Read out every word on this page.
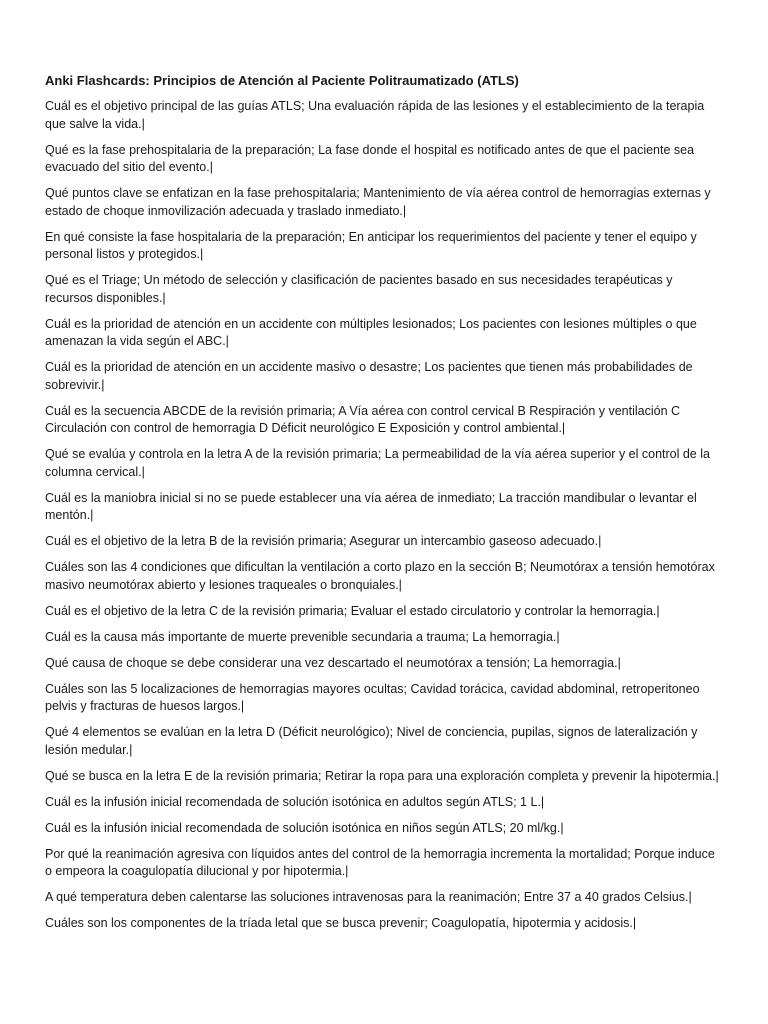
Anki Flashcards: Principios de Atención al Paciente Politraumatizado (ATLS)

Cuál es el objetivo principal de las guías ATLS; Una evaluación rápida de las lesiones y el establecimiento de la terapia que salve la vida.|

Qué es la fase prehospitalaria de la preparación; La fase donde el hospital es notificado antes de que el paciente sea evacuado del sitio del evento.|

Qué puntos clave se enfatizan en la fase prehospitalaria; Mantenimiento de vía aérea control de hemorragias externas y estado de choque inmovilización adecuada y traslado inmediato.|

En qué consiste la fase hospitalaria de la preparación; En anticipar los requerimientos del paciente y tener el equipo y personal listos y protegidos.|

Qué es el Triage; Un método de selección y clasificación de pacientes basado en sus necesidades terapéuticas y recursos disponibles.|

Cuál es la prioridad de atención en un accidente con múltiples lesionados; Los pacientes con lesiones múltiples o que amenazan la vida según el ABC.|

Cuál es la prioridad de atención en un accidente masivo o desastre; Los pacientes que tienen más probabilidades de sobrevivir.|

Cuál es la secuencia ABCDE de la revisión primaria; A Vía aérea con control cervical B Respiración y ventilación C Circulación con control de hemorragia D Déficit neurológico E Exposición y control ambiental.|

Qué se evalúa y controla en la letra A de la revisión primaria; La permeabilidad de la vía aérea superior y el control de la columna cervical.|

Cuál es la maniobra inicial si no se puede establecer una vía aérea de inmediato; La tracción mandibular o levantar el mentón.|

Cuál es el objetivo de la letra B de la revisión primaria; Asegurar un intercambio gaseoso adecuado.|

Cuáles son las 4 condiciones que dificultan la ventilación a corto plazo en la sección B; Neumotórax a tensión hemotórax masivo neumotórax abierto y lesiones traqueales o bronquiales.|

Cuál es el objetivo de la letra C de la revisión primaria; Evaluar el estado circulatorio y controlar la hemorragia.|

Cuál es la causa más importante de muerte prevenible secundaria a trauma; La hemorragia.|

Qué causa de choque se debe considerar una vez descartado el neumotórax a tensión; La hemorragia.|

Cuáles son las 5 localizaciones de hemorragias mayores ocultas; Cavidad torácica, cavidad abdominal, retroperitoneo pelvis y fracturas de huesos largos.|

Qué 4 elementos se evalúan en la letra D (Déficit neurológico); Nivel de conciencia, pupilas, signos de lateralización y lesión medular.|

Qué se busca en la letra E de la revisión primaria; Retirar la ropa para una exploración completa y prevenir la hipotermia.|

Cuál es la infusión inicial recomendada de solución isotónica en adultos según ATLS; 1 L.|

Cuál es la infusión inicial recomendada de solución isotónica en niños según ATLS; 20 ml/kg.|

Por qué la reanimación agresiva con líquidos antes del control de la hemorragia incrementa la mortalidad; Porque induce o empeora la coagulopatía dilucional y por hipotermia.|

A qué temperatura deben calentarse las soluciones intravenosas para la reanimación; Entre 37 a 40 grados Celsius.|

Cuáles son los componentes de la tríada letal que se busca prevenir; Coagulopatía, hipotermia y acidosis.|
